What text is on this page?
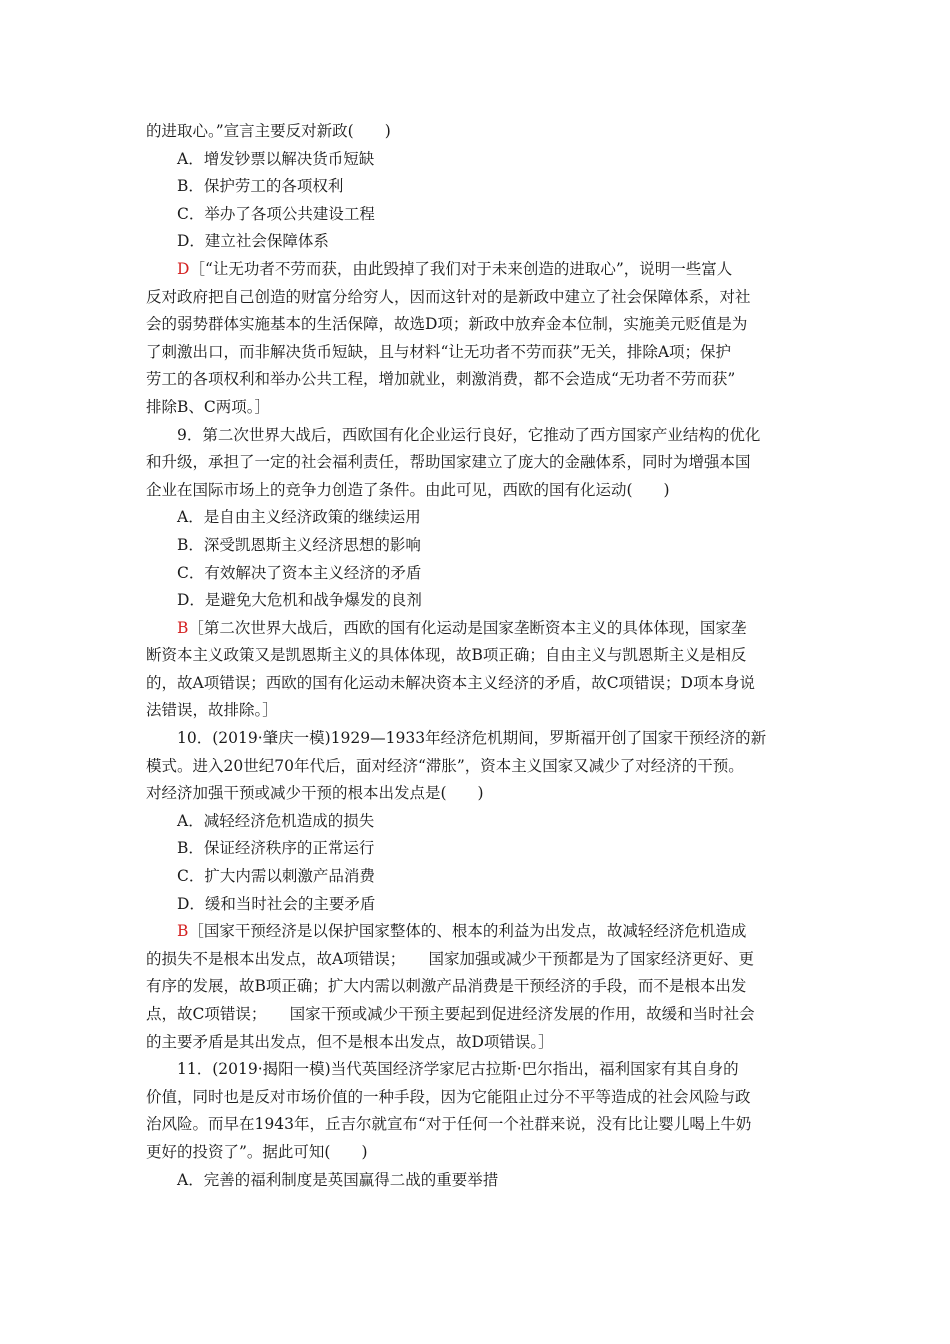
的进取心。”宣言主要反对新政(　　)
A．增发钞票以解决货币短缺
B．保护劳工的各项权利
C．举办了各项公共建设工程
D．建立社会保障体系
D［“让无功者不劳而获，由此毁掉了我们对于未来创造的进取心”，说明一些富人
反对政府把自己创造的财富分给穷人，因而这针对的是新政中建立了社会保障体系，对社
会的弱势群体实施基本的生活保障，故选D项；新政中放弃金本位制，实施美元贬值是为
了刺激出口，而非解决货币短缺，且与材料“让无功者不劳而获”无关，排除A项；保护
劳工的各项权利和举办公共工程，增加就业，刺激消费，都不会造成“无功者不劳而获”
排除B、C两项。］
9．第二次世界大战后，西欧国有化企业运行良好，它推动了西方国家产业结构的优化
和升级，承担了一定的社会福利责任，帮助国家建立了庞大的金融体系，同时为增强本国
企业在国际市场上的竞争力创造了条件。由此可见，西欧的国有化运动(　　)
A．是自由主义经济政策的继续运用
B．深受凯恩斯主义经济思想的影响
C．有效解决了资本主义经济的矛盾
D．是避免大危机和战争爆发的良剂
B［第二次世界大战后，西欧的国有化运动是国家垄断资本主义的具体体现，国家垄
断资本主义政策又是凯恩斯主义的具体体现，故B项正确；自由主义与凯恩斯主义是相反
的，故A项错误；西欧的国有化运动未解决资本主义经济的矛盾，故C项错误；D项本身说
法错误，故排除。］
10．(2019·肇庆一模)1929—1933年经济危机期间，罗斯福开创了国家干预经济的新
模式。进入20世纪70年代后，面对经济“滞胀”，资本主义国家又减少了对经济的干预。
对经济加强干预或减少干预的根本出发点是(　　)
A．减轻经济危机造成的损失
B．保证经济秩序的正常运行
C．扩大内需以刺激产品消费
D．缓和当时社会的主要矛盾
B［国家干预经济是以保护国家整体的、根本的利益为出发点，故减轻经济危机造成
的损失不是根本出发点，故A项错误；　　国家加强或减少干预都是为了国家经济更好、更
有序的发展，故B项正确；扩大内需以刺激产品消费是干预经济的手段，而不是根本出发
点，故C项错误；　　国家干预或减少干预主要起到促进经济发展的作用，故缓和当时社会
的主要矛盾是其出发点，但不是根本出发点，故D项错误。］
11．(2019·揭阳一模)当代英国经济学家尼古拉斯·巴尔指出，福利国家有其自身的
价值，同时也是反对市场价值的一种手段，因为它能阻止过分不平等造成的社会风险与政
治风险。而早在1943年，丘吉尔就宣布“对于任何一个社群来说，没有比让婴儿喝上牛奶
更好的投资了”。据此可知(　　)
A．完善的福利制度是英国赢得二战的重要举措
